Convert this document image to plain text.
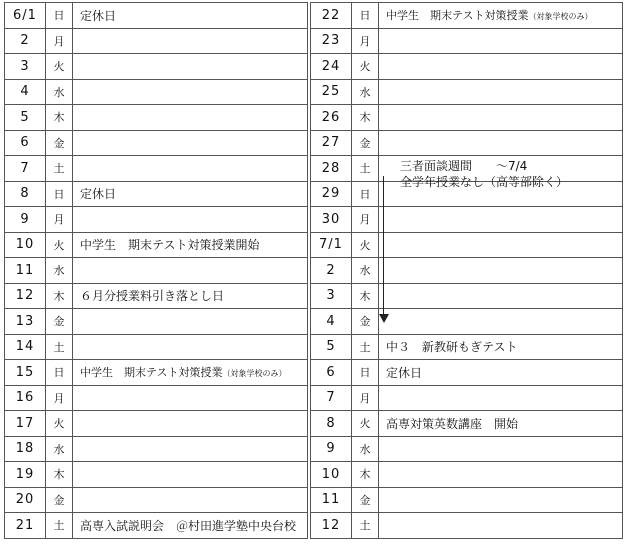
6/1	日	定休日
2	月	
3	火	
4	水	
5	木	
6	金	
7	土	
8	日	定休日
9	月	
10	火	中学生　期末テスト対策授業開始
11	水	
12	木	６月分授業料引き落とし日
13	金	
14	土	
15	日	中学生　期末テスト対策授業（対象学校のみ）
16	月	
17	火	
18	水	
19	木	
20	金	
21	土	高専入試説明会　＠村田進学塾中央台校
22	日	中学生　期末テスト対策授業（対象学校のみ）
23	月	
24	火	
25	水	
26	木	
27	金	
28	土	
29	日	
30	月	
7/1	火	
2	水	
3	木	
4	金	
5	土	中３　新教研もぎテスト
6	日	定休日
7	月	
8	火	高専対策英数講座　開始
9	水	
10	木	
11	金	
12	土	
三者面談週間　　～7/4
全学年授業なし（高等部除く）
